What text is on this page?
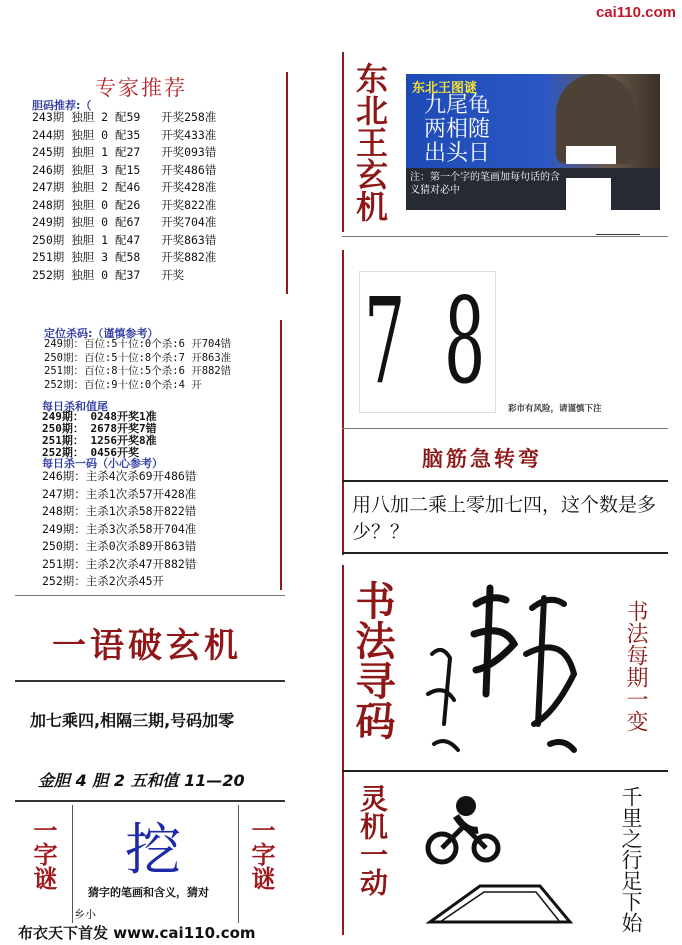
cai110.com
专家推荐
胆码推荐:（
243期 独胆 2 配59   开奖258准
244期 独胆 0 配35   开奖433准
245期 独胆 1 配27   开奖093错
246期 独胆 3 配15   开奖486错
247期 独胆 2 配46   开奖428准
248期 独胆 0 配26   开奖822准
249期 独胆 0 配67   开奖704准
250期 独胆 1 配47   开奖863错
251期 独胆 3 配58   开奖882准
252期 独胆 0 配37   开奖
定位杀码:（谨慎参考）
249期：百位:5十位:0个杀:6 开704错
250期：百位:5十位:8个杀:7 开863准
251期：百位:8十位:5个杀:6 开882错
252期：百位:9十位:0个杀:4 开
每日杀和值尾
249期： 0248开奖1准
250期： 2678开奖7错
251期： 1256开奖8准
252期： 0456开奖
每日杀一码（小心参考）
246期：主杀4次杀69开486错
247期：主杀1次杀57开428准
248期：主杀1次杀58开822错
249期：主杀3次杀58开704准
250期：主杀0次杀89开863错
251期：主杀2次杀47开882错
252期：主杀2次杀45开
一语破玄机
加七乘四,相隔三期,号码加零
金胆 4 胆 2 五和值 11—20
一字谜 挖
猜字的笔画和含义，猜对
乡小
一字谜
布衣天下首发 www.cai110.com
东北王玄机 东北王图谜
九尾龟
两相随
出头日
注：第一个字的笔画加每句话的含义猜对必中
7 8	彩市有风险，请谨慎下注
脑筋急转弯
用八加二乘上零加七四，这个数是多少？？
书法寻码	书法每期一变
灵机一动	千里之行足下始
